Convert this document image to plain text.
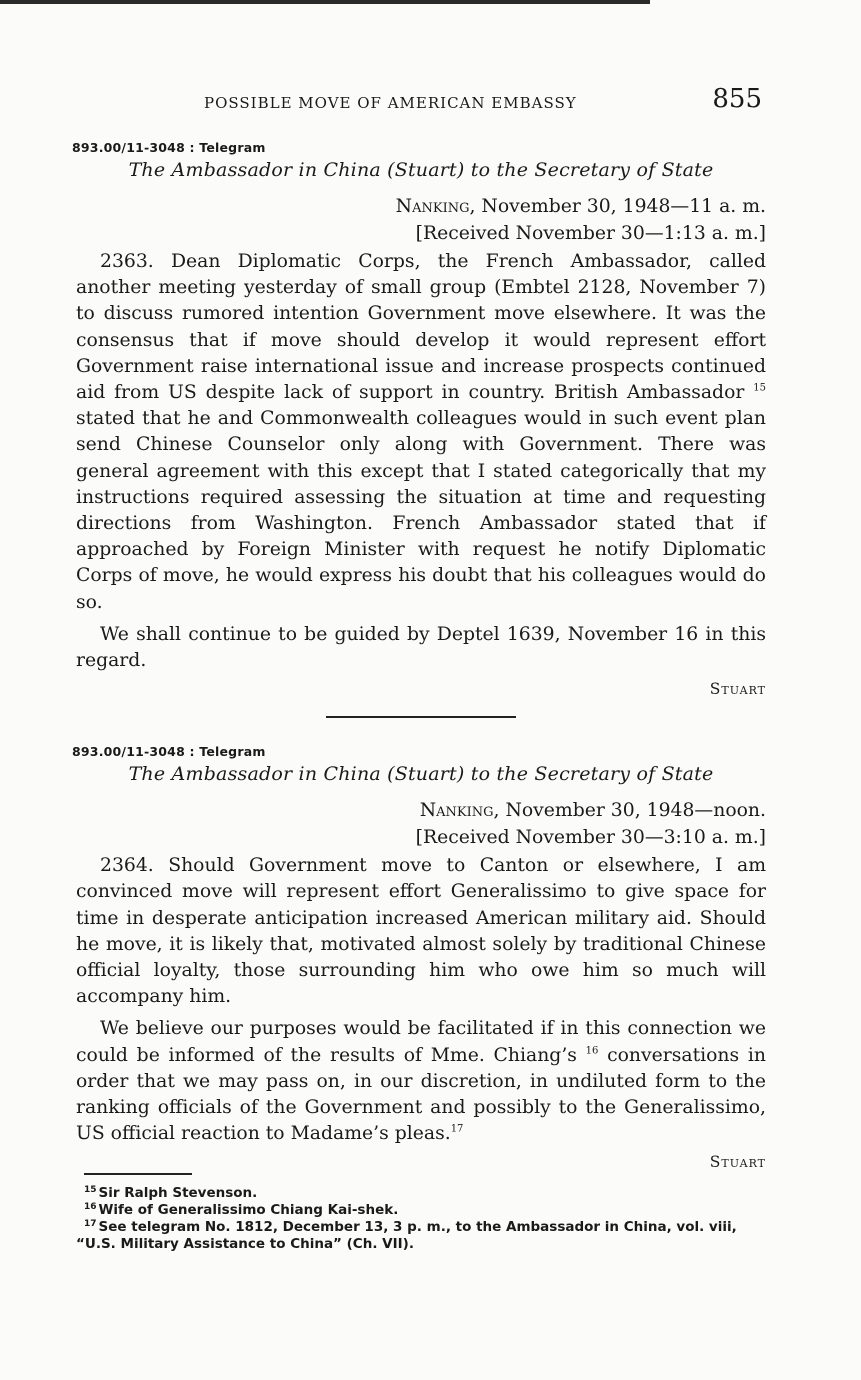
POSSIBLE MOVE OF AMERICAN EMBASSY	855
893.00/11-3048 : Telegram
The Ambassador in China (Stuart) to the Secretary of State
Nanking, November 30, 1948—11 a. m.
[Received November 30—1:13 a. m.]

2363. Dean Diplomatic Corps, the French Ambassador, called another meeting yesterday of small group (Embtel 2128, November 7) to discuss rumored intention Government move elsewhere. It was the consensus that if move should develop it would represent effort Government raise international issue and increase prospects continued aid from US despite lack of support in country. British Ambassador $^{15}$ stated that he and Commonwealth colleagues would in such event plan send Chinese Counselor only along with Government. There was general agreement with this except that I stated categorically that my instructions required assessing the situation at time and requesting directions from Washington. French Ambassador stated that if approached by Foreign Minister with request he notify Diplomatic Corps of move, he would express his doubt that his colleagues would do so.

We shall continue to be guided by Deptel 1639, November 16 in this regard.

Stuart
893.00/11-3048 : Telegram
The Ambassador in China (Stuart) to the Secretary of State
Nanking, November 30, 1948—noon.
[Received November 30—3:10 a. m.]

2364. Should Government move to Canton or elsewhere, I am convinced move will represent effort Generalissimo to give space for time in desperate anticipation increased American military aid. Should he move, it is likely that, motivated almost solely by traditional Chinese official loyalty, those surrounding him who owe him so much will accompany him.

We believe our purposes would be facilitated if in this connection we could be informed of the results of Mme. Chiang’s $^{16}$ conversations in order that we may pass on, in our discretion, in undiluted form to the ranking officials of the Government and possibly to the Generalissimo, US official reaction to Madame’s pleas.$^{17}$

Stuart
$^{15}$ Sir Ralph Stevenson.
$^{16}$ Wife of Generalissimo Chiang Kai-shek.
$^{17}$ See telegram No. 1812, December 13, 3 p. m., to the Ambassador in China, vol. viii, “U.S. Military Assistance to China” (Ch. VII).
